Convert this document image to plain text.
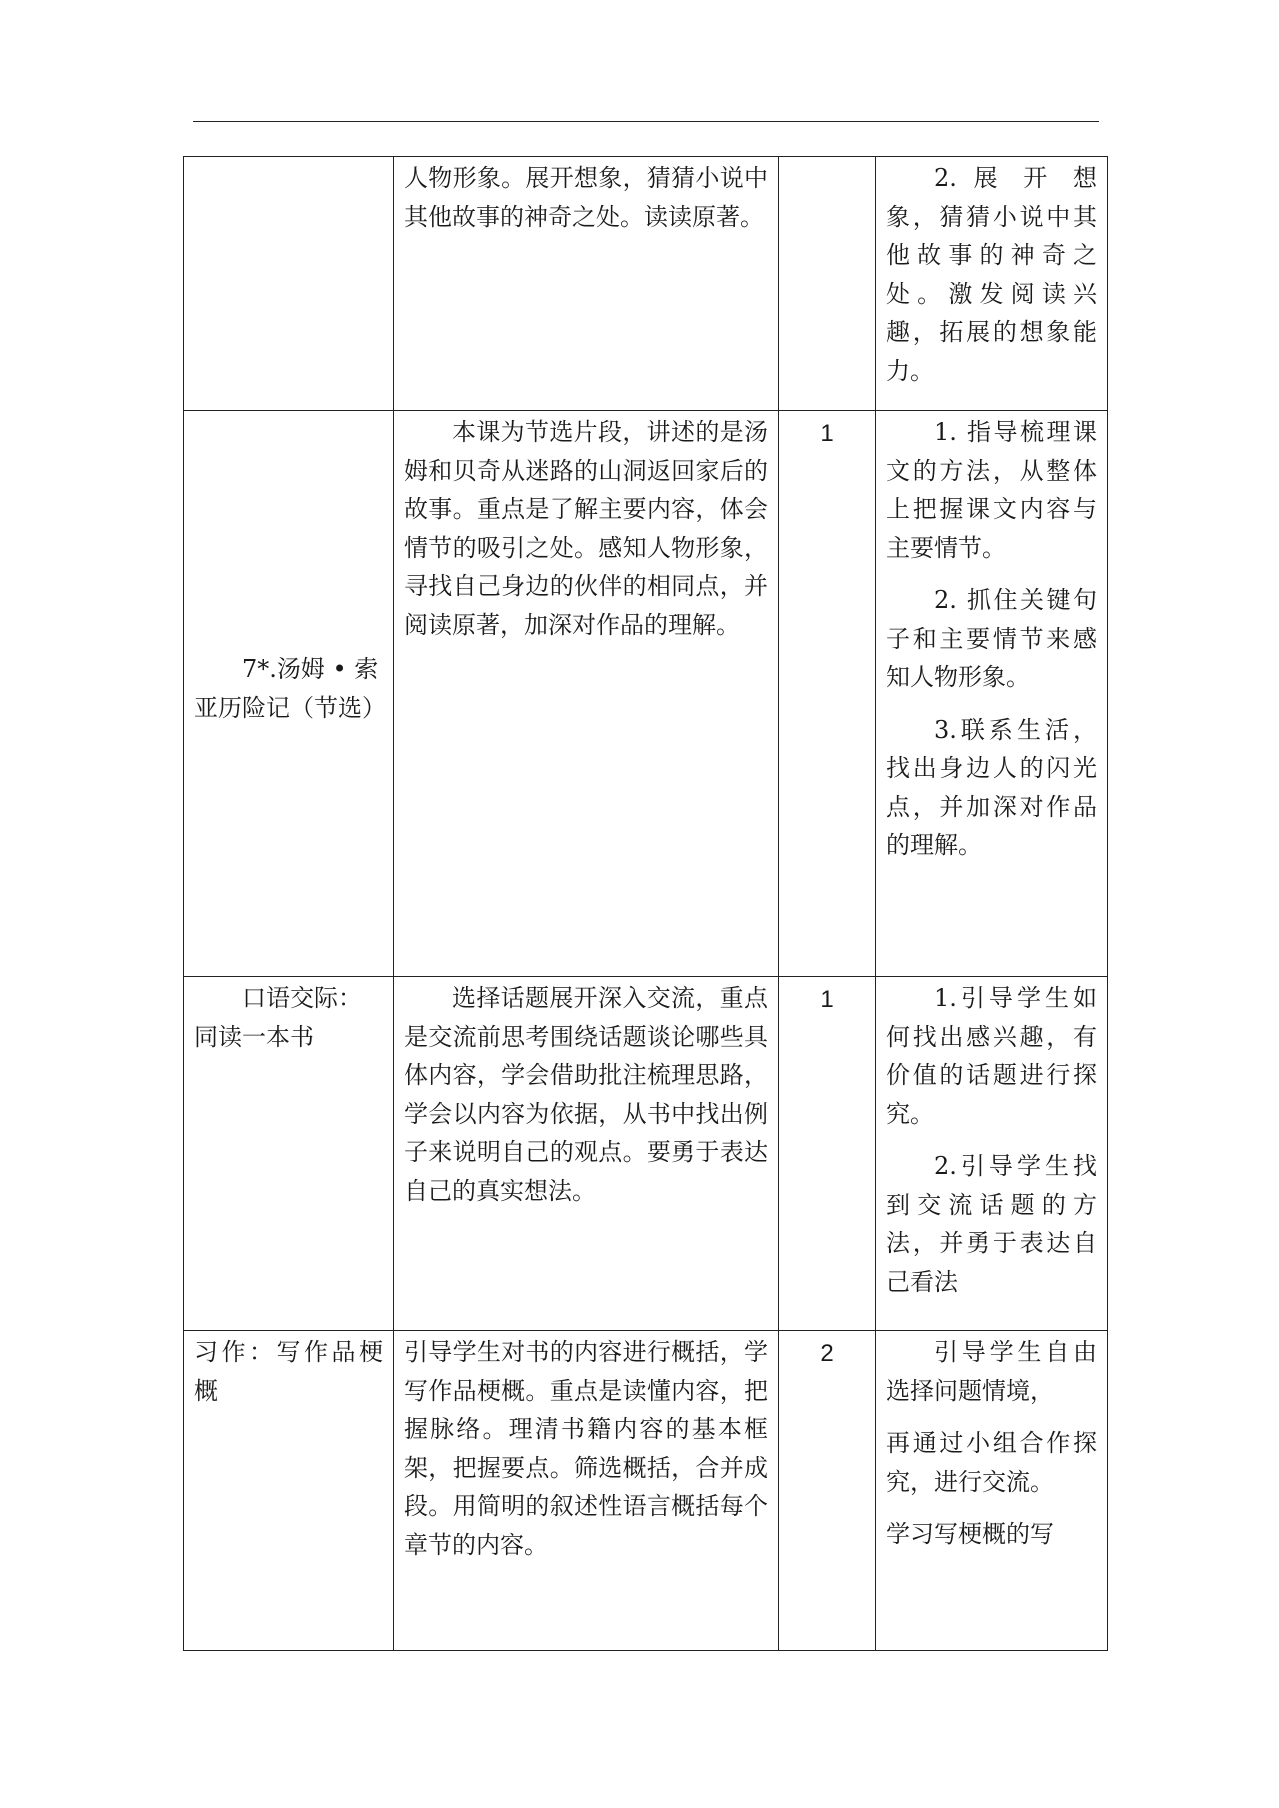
	人物形象。展开想象，猜猜小说中其他故事的神奇之处。读读原著。		2. 展 开 想象，猜猜小说中其他故事的神奇之处。激发阅读兴趣，拓展的想象能力。

7*.汤姆 • 索亚历险记（节选）	本课为节选片段，讲述的是汤姆和贝奇从迷路的山洞返回家后的故事。重点是了解主要内容，体会情节的吸引之处。感知人物形象，寻找自己身边的伙伴的相同点，并阅读原著，加深对作品的理解。	1	1. 指导梳理课文的方法，从整体上把握课文内容与主要情节。

2. 抓住关键句子和主要情节来感知人物形象。

3.联系生活，找出身边人的闪光点，并加深对作品的理解。

口语交际：同读一本书	选择话题展开深入交流，重点是交流前思考围绕话题谈论哪些具体内容，学会借助批注梳理思路，学会以内容为依据，从书中找出例子来说明自己的观点。要勇于表达自己的真实想法。	1	1.引导学生如何找出感兴趣，有价值的话题进行探究。

2.引导学生找到交流话题的方法，并勇于表达自己看法

习作：写作品梗概	引导学生对书的内容进行概括，学写作品梗概。重点是读懂内容，把握脉络。理清书籍内容的基本框架，把握要点。筛选概括，合并成段。用简明的叙述性语言概括每个章节的内容。	2	引导学生自由选择问题情境，

再通过小组合作探究，进行交流。

学习写梗概的写
